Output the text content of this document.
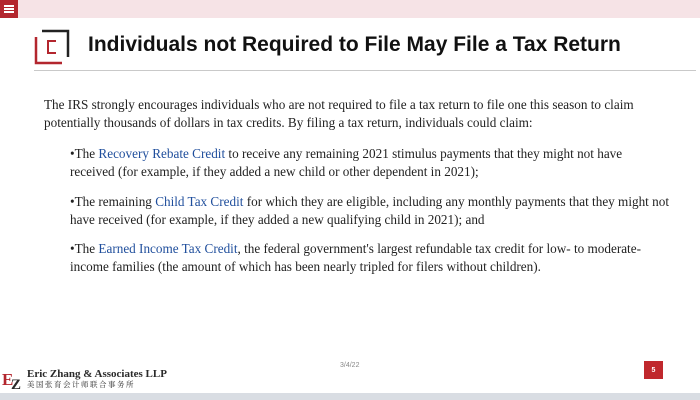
Individuals not Required to File May File a Tax Return

The IRS strongly encourages individuals who are not required to file a tax return to file one this season to claim potentially thousands of dollars in tax credits. By filing a tax return, individuals could claim:

•The Recovery Rebate Credit to receive any remaining 2021 stimulus payments that they might not have received (for example, if they added a new child or other dependent in 2021);

•The remaining Child Tax Credit for which they are eligible, including any monthly payments that they might not have received (for example, if they added a new qualifying child in 2021); and

•The Earned Income Tax Credit, the federal government's largest refundable tax credit for low- to moderate-income families (the amount of which has been nearly tripled for filers without children).

3/4/22
5
E
Z
Eric Zhang & Associates LLP
美国张育会计师联合事务所
